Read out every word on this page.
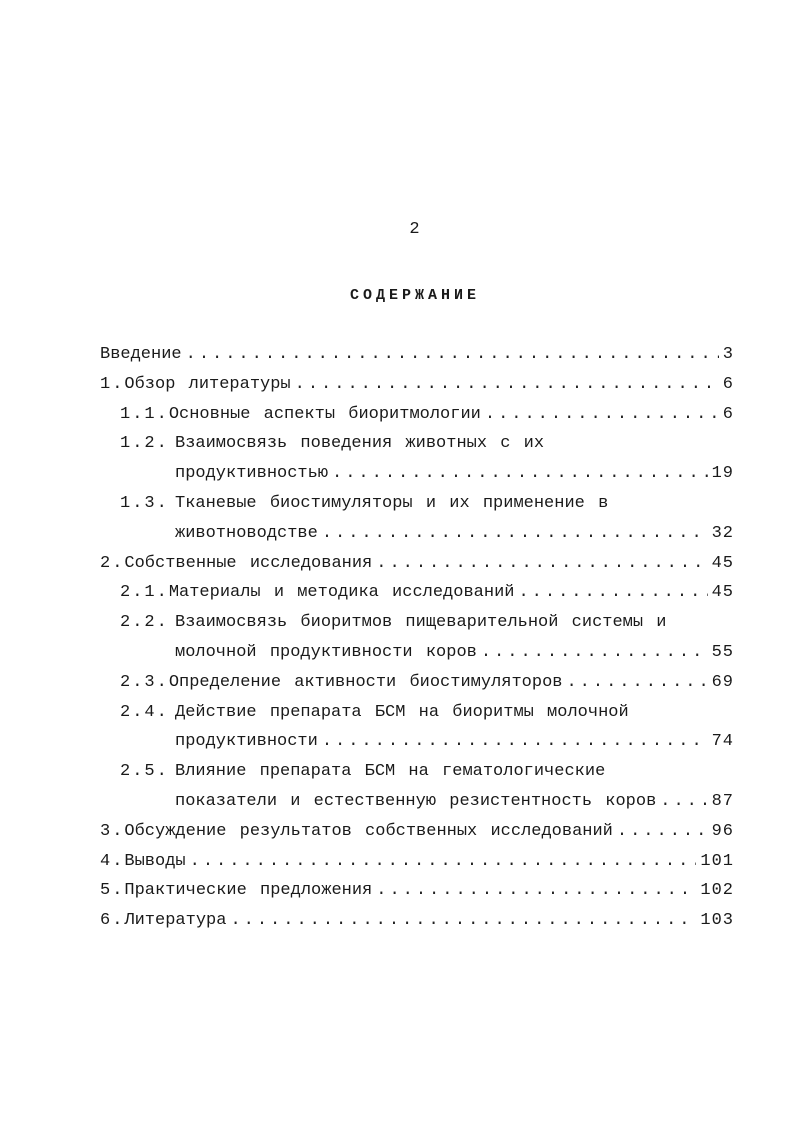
2
СОДЕРЖАНИЕ
Введение .....	3
1. Обзор литературы .....	6
1.1. Основные аспекты биоритмологии .....	6
1.2. Взаимосвязь поведения животных с их
продуктивностью .....	19
1.3. Тканевые биостимуляторы и их применение в
животноводстве .....	32
2. Собственные исследования .....	45
2.1. Материалы и методика исследований .....	45
2.2. Взаимосвязь биоритмов пищеварительной системы и
молочной продуктивности коров .....	55
2.3. Определение активности биостимуляторов .....	69
2.4. Действие препарата БСМ на биоритмы молочной
продуктивности .....	74
2.5. Влияние препарата БСМ на гематологические
показатели и естественную резистентность коров .....	87
3. Обсуждение результатов собственных исследований .....	96
4. Выводы .....	101
5. Практические предложения .....	102
6. Литература .....	103
